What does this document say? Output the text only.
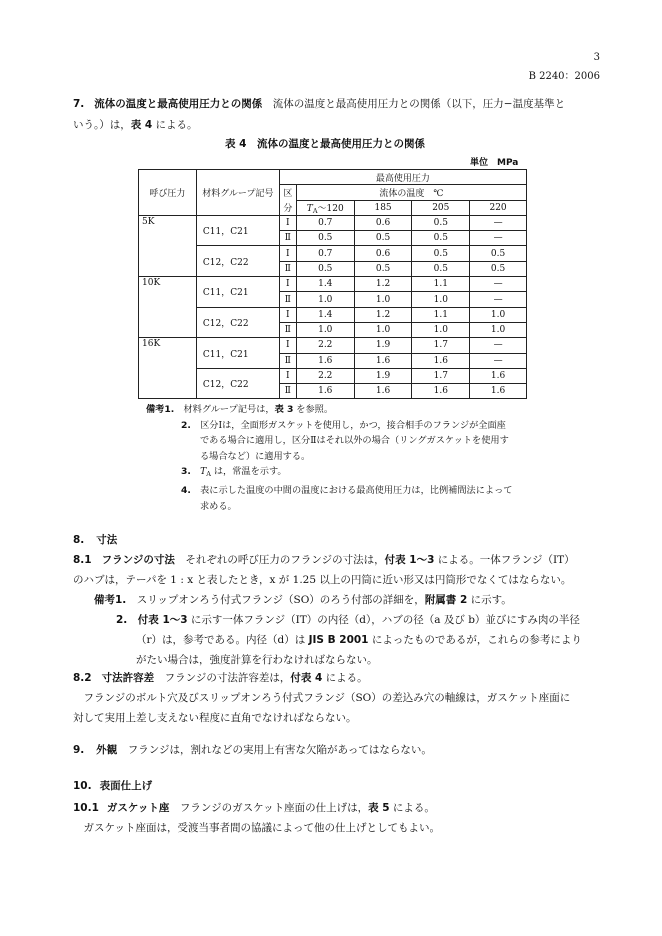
3
B 2240：2006
7. 流体の温度と最高使用圧力との関係　流体の温度と最高使用圧力との関係（以下，圧力−温度基準と
いう。）は，表 4 による。
表 4　流体の温度と最高使用圧力との関係
単位　MPa
呼び圧力	材料グループ記号	最高使用圧力				
		区	流体の温度　℃			
		分	$T_A$〜120	185	205	220
5K	C11，C21	Ⅰ	0.7	0.6	0.5	—
		Ⅱ	0.5	0.5	0.5	—
	C12，C22	Ⅰ	0.7	0.6	0.5	0.5
		Ⅱ	0.5	0.5	0.5	0.5
10K	C11，C21	Ⅰ	1.4	1.2	1.1	—
		Ⅱ	1.0	1.0	1.0	—
	C12，C22	Ⅰ	1.4	1.2	1.1	1.0
		Ⅱ	1.0	1.0	1.0	1.0
16K	C11，C21	Ⅰ	2.2	1.9	1.7	—
		Ⅱ	1.6	1.6	1.6	—
	C12，C22	Ⅰ	2.2	1.9	1.7	1.6
		Ⅱ	1.6	1.6	1.6	1.6
備考1.　材料グループ記号は，表 3 を参照。
2.　区分Ⅰは，全面形ガスケットを使用し，かつ，接合相手のフランジが全面座
である場合に適用し，区分Ⅱはそれ以外の場合（リングガスケットを使用す
る場合など）に適用する。
3.　 $T_A$ は，常温を示す。
4.　表に示した温度の中間の温度における最高使用圧力は，比例補間法によって
求める。
8. 寸法
8.1 フランジの寸法　それぞれの呼び圧力のフランジの寸法は，付表 1〜3 による。一体フランジ（IT）
のハブは，テーパを 1 : x と表したとき，x が 1.25 以上の円筒に近い形又は円筒形でなくてはならない。
備考1.　スリップオンろう付式フランジ（SO）のろう付部の詳細を，附属書 2 に示す。
2.　 付表 1〜3 に示す一体フランジ（IT）の内径（d），ハブの径（a 及び b）並びにすみ肉の半径
（r）は，参考である。内径（d）は JIS B 2001 によったものであるが，これらの参考により
がたい場合は，強度計算を行わなければならない。
8.2 寸法許容差　フランジの寸法許容差は，付表 4 による。
　フランジのボルト穴及びスリップオンろう付式フランジ（SO）の差込み穴の軸線は，ガスケット座面に
対して実用上差し支えない程度に直角でなければならない。
9. 外観　フランジは，割れなどの実用上有害な欠陥があってはならない。
10. 表面仕上げ
10.1 ガスケット座　フランジのガスケット座面の仕上げは，表 5 による。
　ガスケット座面は，受渡当事者間の協議によって他の仕上げとしてもよい。
